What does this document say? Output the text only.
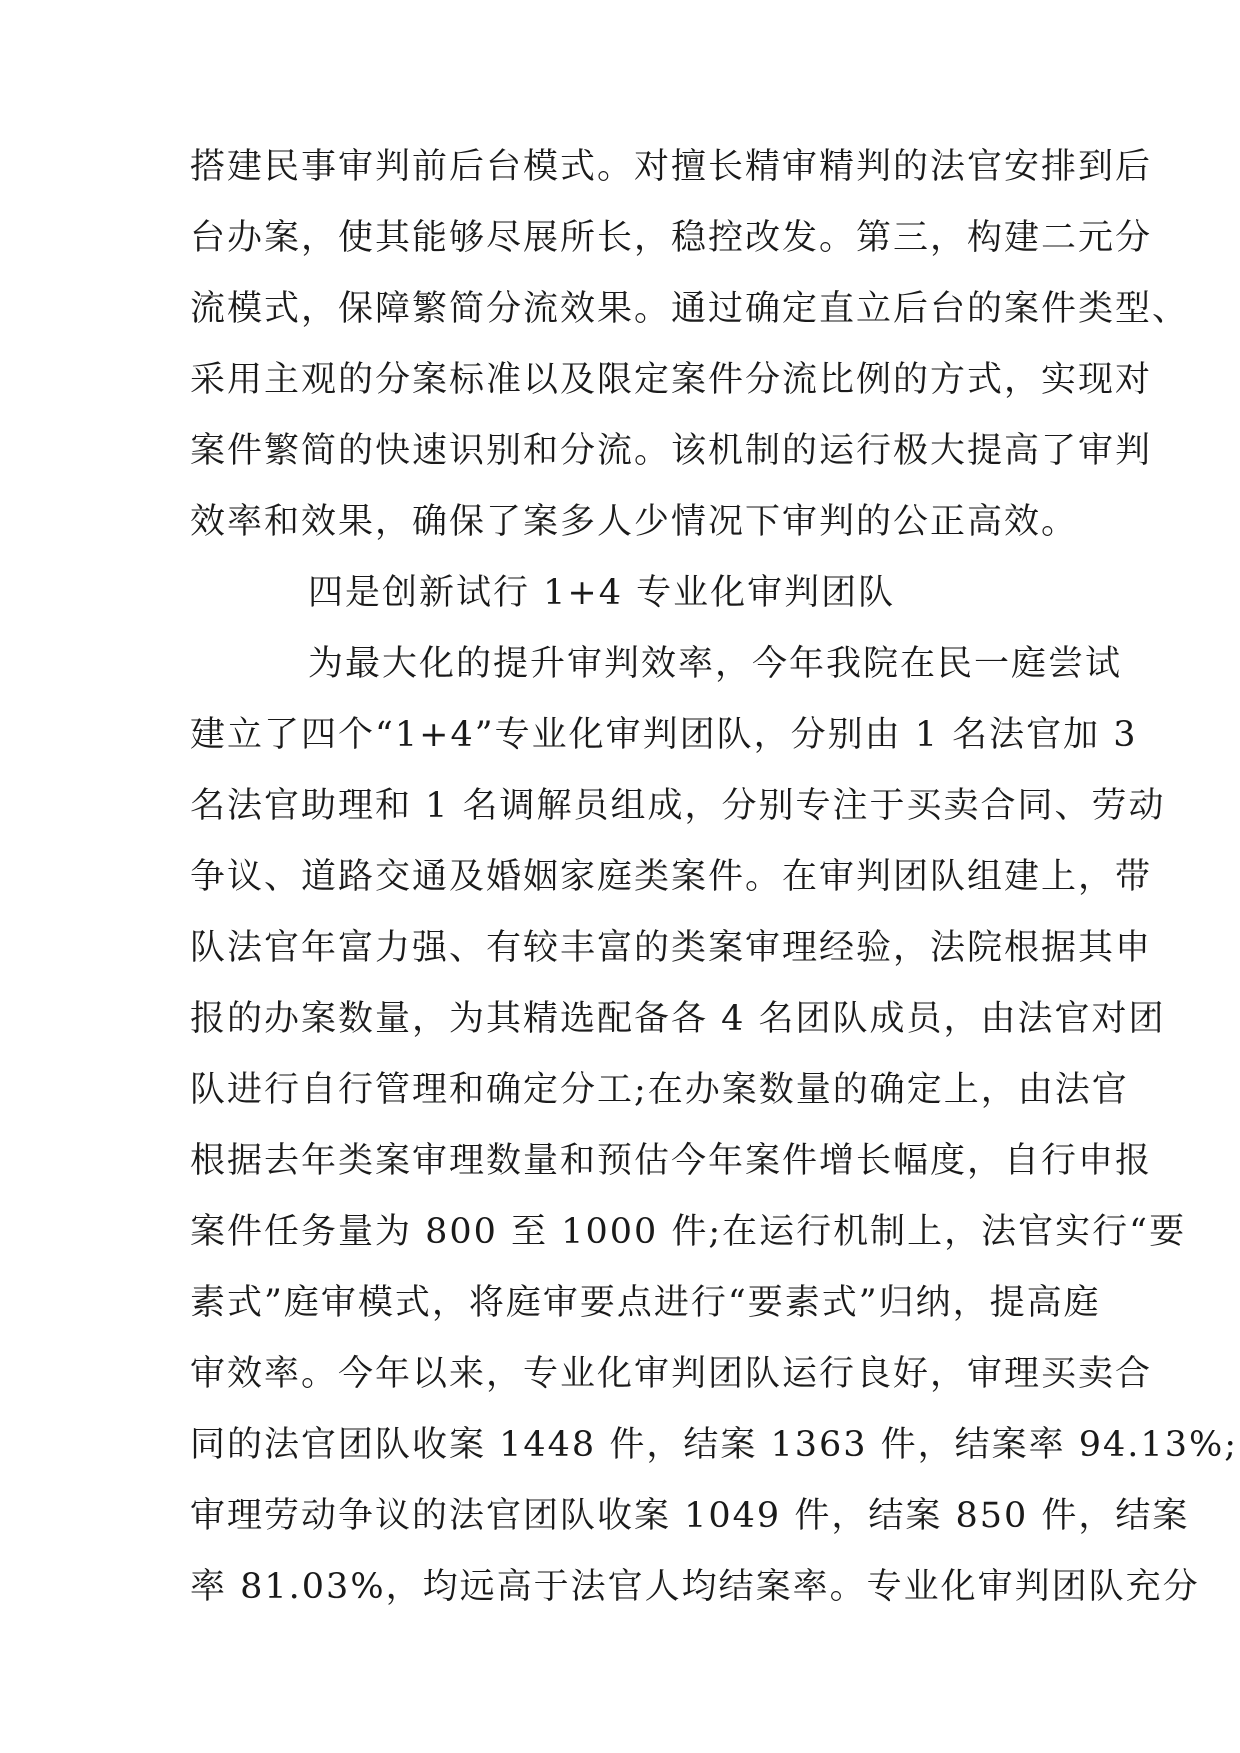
搭建民事审判前后台模式。对擅长精审精判的法官安排到后
台办案，使其能够尽展所长，稳控改发。第三，构建二元分
流模式，保障繁简分流效果。通过确定直立后台的案件类型、
采用主观的分案标准以及限定案件分流比例的方式，实现对
案件繁简的快速识别和分流。该机制的运行极大提高了审判
效率和效果，确保了案多人少情况下审判的公正高效。
四是创新试行 1+4 专业化审判团队
为最大化的提升审判效率，今年我院在民一庭尝试
建立了四个“1+4”专业化审判团队，分别由 1 名法官加 3
名法官助理和 1 名调解员组成，分别专注于买卖合同、劳动
争议、道路交通及婚姻家庭类案件。在审判团队组建上，带
队法官年富力强、有较丰富的类案审理经验，法院根据其申
报的办案数量，为其精选配备各 4 名团队成员，由法官对团
队进行自行管理和确定分工;在办案数量的确定上，由法官
根据去年类案审理数量和预估今年案件增长幅度，自行申报
案件任务量为 800 至 1000 件;在运行机制上，法官实行“要
素式”庭审模式，将庭审要点进行“要素式”归纳，提高庭
审效率。今年以来，专业化审判团队运行良好，审理买卖合
同的法官团队收案 1448 件，结案 1363 件，结案率 94.13%;
审理劳动争议的法官团队收案 1049 件，结案 850 件，结案
率 81.03%，均远高于法官人均结案率。专业化审判团队充分
